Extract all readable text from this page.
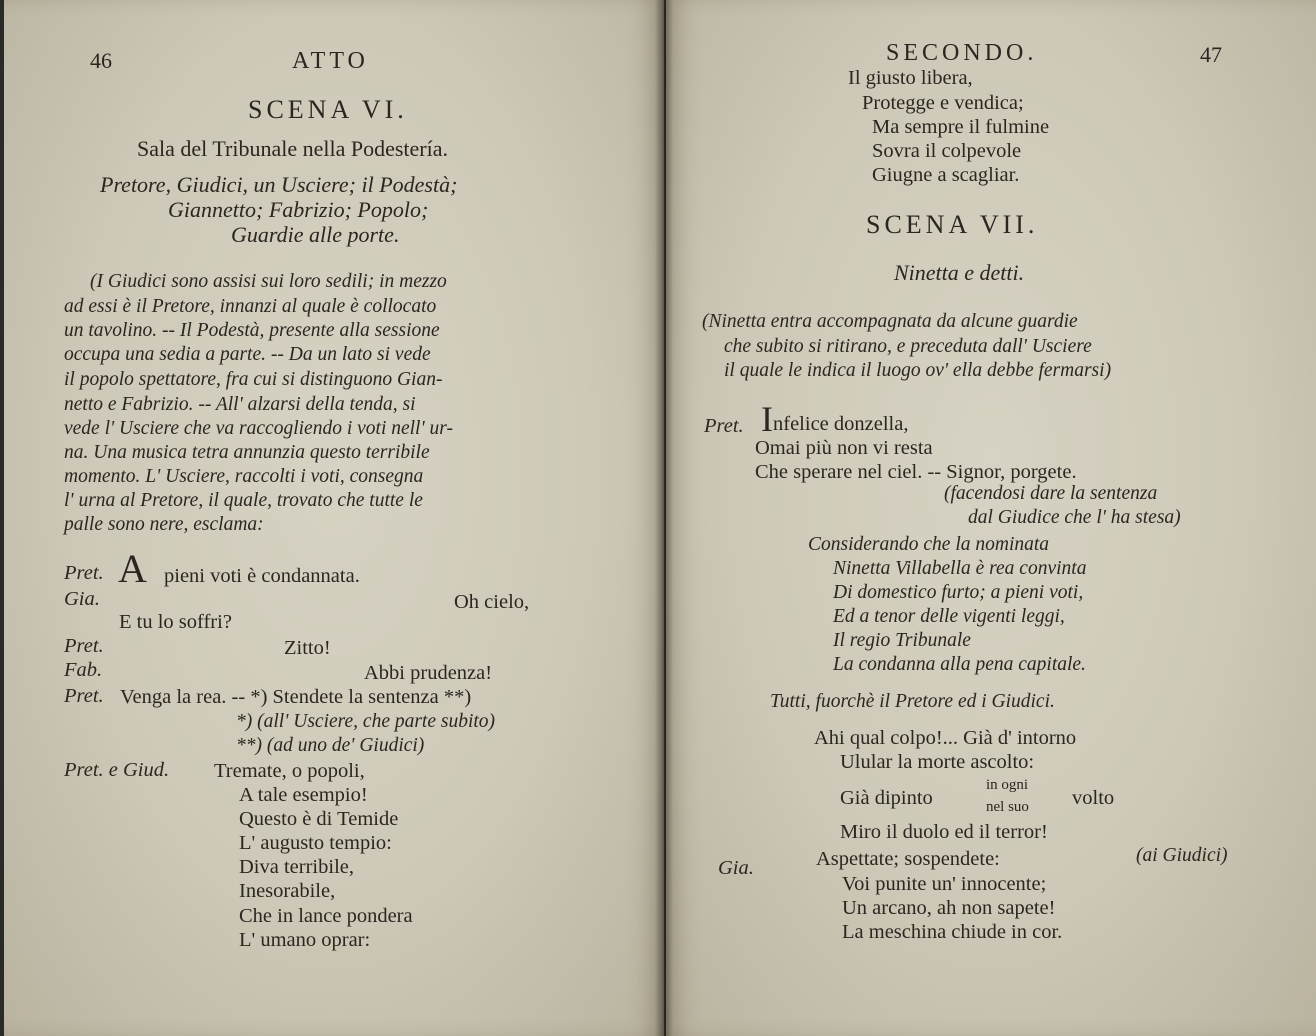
46	ATTO
SCENA VI.
Sala del Tribunale nella Podestería.
Pretore, Giudici, un Usciere; il Podestà;
Giannetto; Fabrizio; Popolo;
Guardie alle porte.
(I Giudici sono assisi sui loro sedili; in mezzo
ad essi è il Pretore, innanzi al quale è collocato
un tavolino. -- Il Podestà, presente alla sessione
occupa una sedia a parte. -- Da un lato si vede
il popolo spettatore, fra cui si distinguono Gian-
netto e Fabrizio. -- All' alzarsi della tenda, si
vede l' Usciere che va raccogliendo i voti nell' ur-
na. Una musica tetra annunzia questo terribile
momento. L' Usciere, raccolti i voti, consegna
l' urna al Pretore, il quale, trovato che tutte le
palle sono nere, esclama:
Pret. A pieni voti è condannata.
Gia.	Oh cielo,
E tu lo soffri?
Pret.	Zitto!
Fab.	Abbi prudenza!
Pret. Venga la rea. -- *) Stendete la sentenza **)
*) (all' Usciere, che parte subito)
**) (ad uno de' Giudici)
Pret. e Giud. Tremate, o popoli,
A tale esempio!
Questo è di Temide
L' augusto tempio:
Diva terribile,
Inesorabile,
Che in lance pondera
L' umano oprar:
SECONDO.	47
Il giusto libera,
Protegge e vendica;
Ma sempre il fulmine
Sovra il colpevole
Giugne a scagliar.
SCENA VII.
Ninetta e detti.
(Ninetta entra accompagnata da alcune guardie
che subito si ritirano, e preceduta dall' Usciere
il quale le indica il luogo ov' ella debbe fermarsi)
Pret. I nfelice donzella,
Omai più non vi resta
Che sperare nel ciel. -- Signor, porgete.
(facendosi dare la sentenza
dal Giudice che l' ha stesa)
Considerando che la nominata
Ninetta Villabella è rea convinta
Di domestico furto; a pieni voti,
Ed a tenor delle vigenti leggi,
Il regio Tribunale
La condanna alla pena capitale.
Tutti, fuorchè il Pretore ed i Giudici.
Ahi qual colpo!... Già d' intorno
Ulular la morte ascolto:
Già dipinto
in ogni
nel suo volto
Miro il duolo ed il terror!
Gia.	Aspettate; sospendete:	(ai Giudici)
Voi punite un' innocente;
Un arcano, ah non sapete!
La meschina chiude in cor.
